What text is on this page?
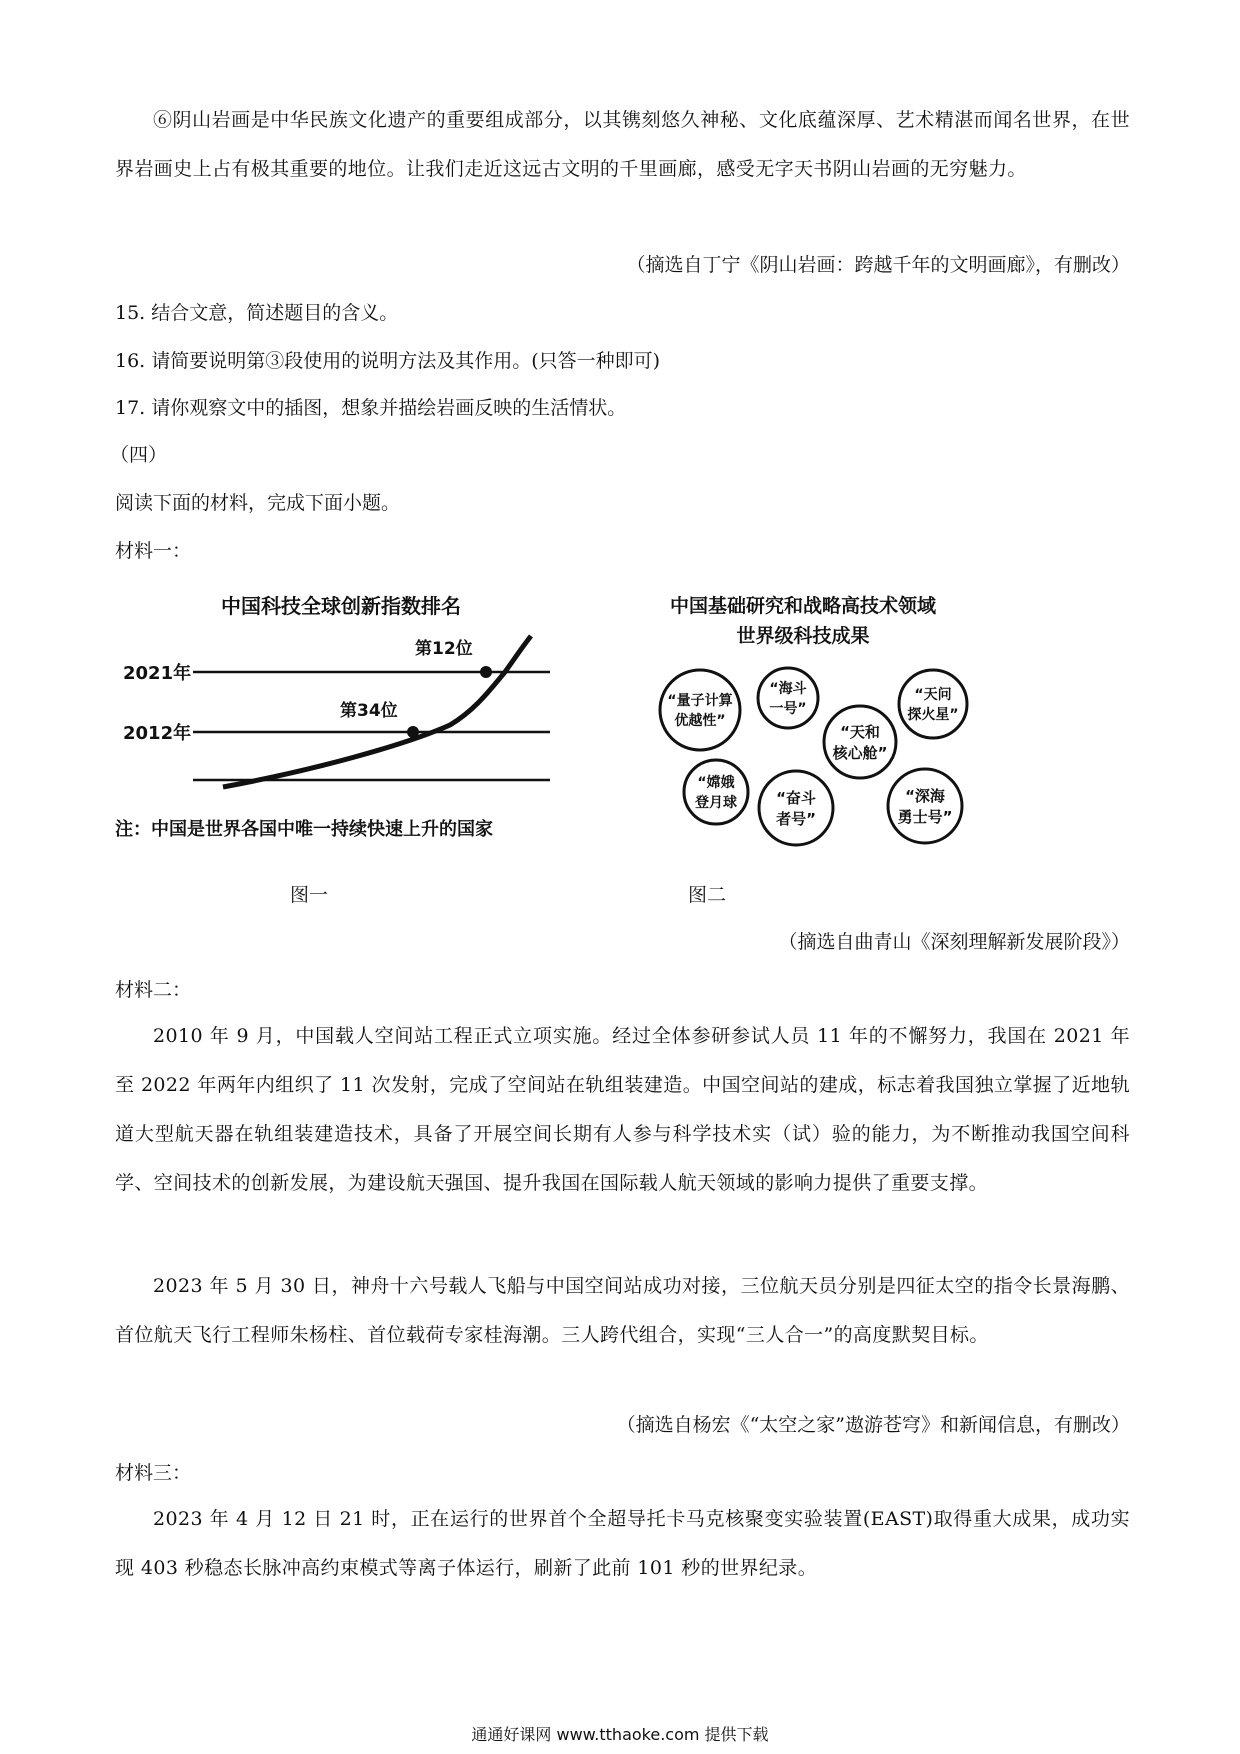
⑥阴山岩画是中华民族文化遗产的重要组成部分，以其镌刻悠久神秘、文化底蕴深厚、艺术精湛而闻名世界，在世界岩画史上占有极其重要的地位。让我们走近这远古文明的千里画廊，感受无字天书阴山岩画的无穷魅力。
（摘选自丁宁《阴山岩画：跨越千年的文明画廊》，有删改）
15. 结合文意，简述题目的含义。
16. 请简要说明第③段使用的说明方法及其作用。(只答一种即可)
17. 请你观察文中的插图，想象并描绘岩画反映的生活情状。
（四）
阅读下面的材料，完成下面小题。
材料一：
中国科技全球创新指数排名
2021年
2012年
第12位
第34位
注：中国是世界各国中唯一持续快速上升的国家
图一
中国基础研究和战略高技术领域
世界级科技成果
“量子计算
优越性”
“海斗
一号”
“天和
核心舱”
“天问
探火星”
“嫦娥
登月球	“奋斗
者号”
“深海
勇士号”
图二
（摘选自曲青山《深刻理解新发展阶段》）
材料二：
2010 年 9 月，中国载人空间站工程正式立项实施。经过全体参研参试人员 11 年的不懈努力，我国在 2021 年至 2022 年两年内组织了 11 次发射，完成了空间站在轨组装建造。中国空间站的建成，标志着我国独立掌握了近地轨道大型航天器在轨组装建造技术，具备了开展空间长期有人参与科学技术实（试）验的能力，为不断推动我国空间科学、空间技术的创新发展，为建设航天强国、提升我国在国际载人航天领域的影响力提供了重要支撑。
2023 年 5 月 30 日，神舟十六号载人飞船与中国空间站成功对接，三位航天员分别是四征太空的指令长景海鹏、首位航天飞行工程师朱杨柱、首位载荷专家桂海潮。三人跨代组合，实现“三人合一”的高度默契目标。
（摘选自杨宏《“太空之家”遨游苍穹》和新闻信息，有删改）
材料三：
2023 年 4 月 12 日 21 时，正在运行的世界首个全超导托卡马克核聚变实验装置(EAST)取得重大成果，成功实现 403 秒稳态长脉冲高约束模式等离子体运行，刷新了此前 101 秒的世界纪录。
通通好课网 www.tthaoke.com 提供下载
